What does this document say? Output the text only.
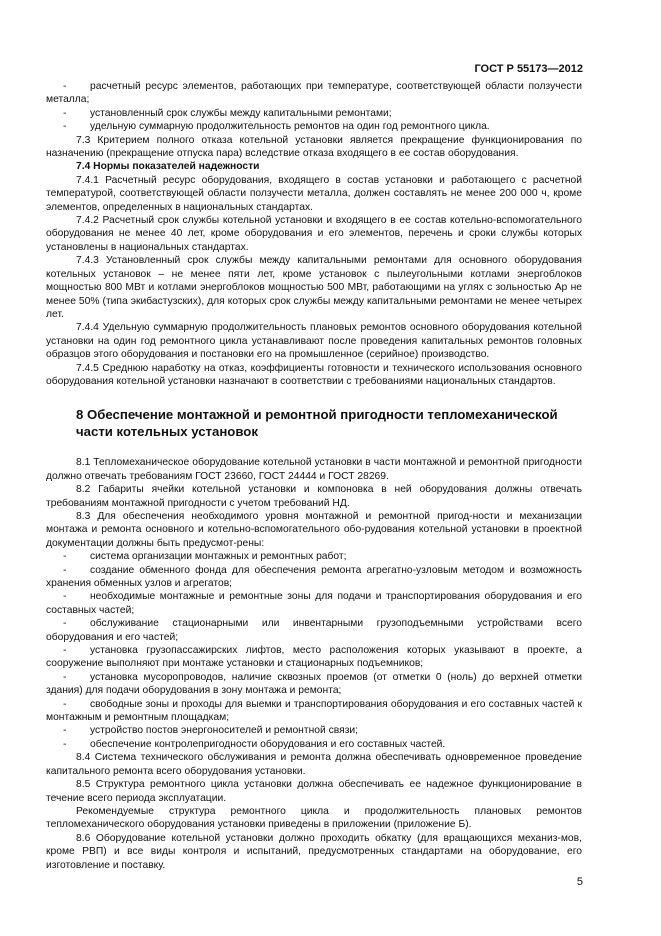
ГОСТ Р 55173—2012

- расчетный ресурс элементов, работающих при температуре, соответствующей области ползучести металла;

- установленный срок службы между капитальными ремонтами;

- удельную суммарную продолжительность ремонтов на один год ремонтного цикла.

7.3 Критерием полного отказа котельной установки является прекращение функционирования по назначению (прекращение отпуска пара) вследствие отказа входящего в ее состав оборудования.

7.4 Нормы показателей надежности

7.4.1 Расчетный ресурс оборудования, входящего в состав установки и работающего с расчетной температурой, соответствующей области ползучести металла, должен составлять не менее 200 000 ч, кроме элементов, определенных в национальных стандартах.

7.4.2 Расчетный срок службы котельной установки и входящего в ее состав котельно-вспомогательного оборудования не менее 40 лет, кроме оборудования и его элементов, перечень и сроки службы которых установлены в национальных стандартах.

7.4.3 Установленный срок службы между капитальными ремонтами для основного оборудования котельных установок – не менее пяти лет, кроме установок с пылеугольными котлами энергоблоков мощностью 800 МВт и котлами энергоблоков мощностью 500 МВт, работающими на углях с зольностью Ар не менее 50% (типа экибастузских), для которых срок службы между капитальными ремонтами не менее четырех лет.

7.4.4 Удельную суммарную продолжительность плановых ремонтов основного оборудования котельной установки на один год ремонтного цикла устанавливают после проведения капитальных ремонтов головных образцов этого оборудования и постановки его на промышленное (серийное) производство.

7.4.5 Среднюю наработку на отказ, коэффициенты готовности и технического использования основного оборудования котельной установки назначают в соответствии с требованиями национальных стандартов.

8 Обеспечение монтажной и ремонтной пригодности тепломеханической части котельных установок

8.1 Тепломеханическое оборудование котельной установки в части монтажной и ремонтной пригодности должно отвечать требованиям ГОСТ 23660, ГОСТ 24444 и ГОСТ 28269.

8.2 Габариты ячейки котельной установки и компоновка в ней оборудования должны отвечать требованиям монтажной пригодности с учетом требований НД.

8.3 Для обеспечения необходимого уровня монтажной и ремонтной пригод-ности и механизации монтажа и ремонта основного и котельно-вспомогательного обо-рудования котельной установки в проектной документации должны быть предусмот-рены:

- система организации монтажных и ремонтных работ;

- создание обменного фонда для обеспечения ремонта агрегатно-узловым методом и возможность хранения обменных узлов и агрегатов;

- необходимые монтажные и ремонтные зоны для подачи и транспортирования оборудования и его составных частей;

- обслуживание стационарными или инвентарными грузоподъемными устройствами всего оборудования и его частей;

- установка грузопассажирских лифтов, место расположения которых указывают в проекте, а сооружение выполняют при монтаже установки и стационарных подъемников;

- установка мусоропроводов, наличие сквозных проемов (от отметки 0 (ноль) до верхней отметки здания) для подачи оборудования в зону монтажа и ремонта;

- свободные зоны и проходы для выемки и транспортирования оборудования и его составных частей к монтажным и ремонтным площадкам;

- устройство постов энергоносителей и ремонтной связи;

- обеспечение контролепригодности оборудования и его составных частей.

8.4 Система технического обслуживания и ремонта должна обеспечивать одновременное проведение капитального ремонта всего оборудования установки.

8.5 Структура ремонтного цикла установки должна обеспечивать ее надежное функционирование в течение всего периода эксплуатации.

Рекомендуемые структура ремонтного цикла и продолжительность плановых ремонтов тепломеханического оборудования установки приведены в приложении (приложение Б).

8.6 Оборудование котельной установки должно проходить обкатку (для вращающихся механиз-мов, кроме РВП) и все виды контроля и испытаний, предусмотренных стандартами на оборудование, его изготовление и поставку.

5
